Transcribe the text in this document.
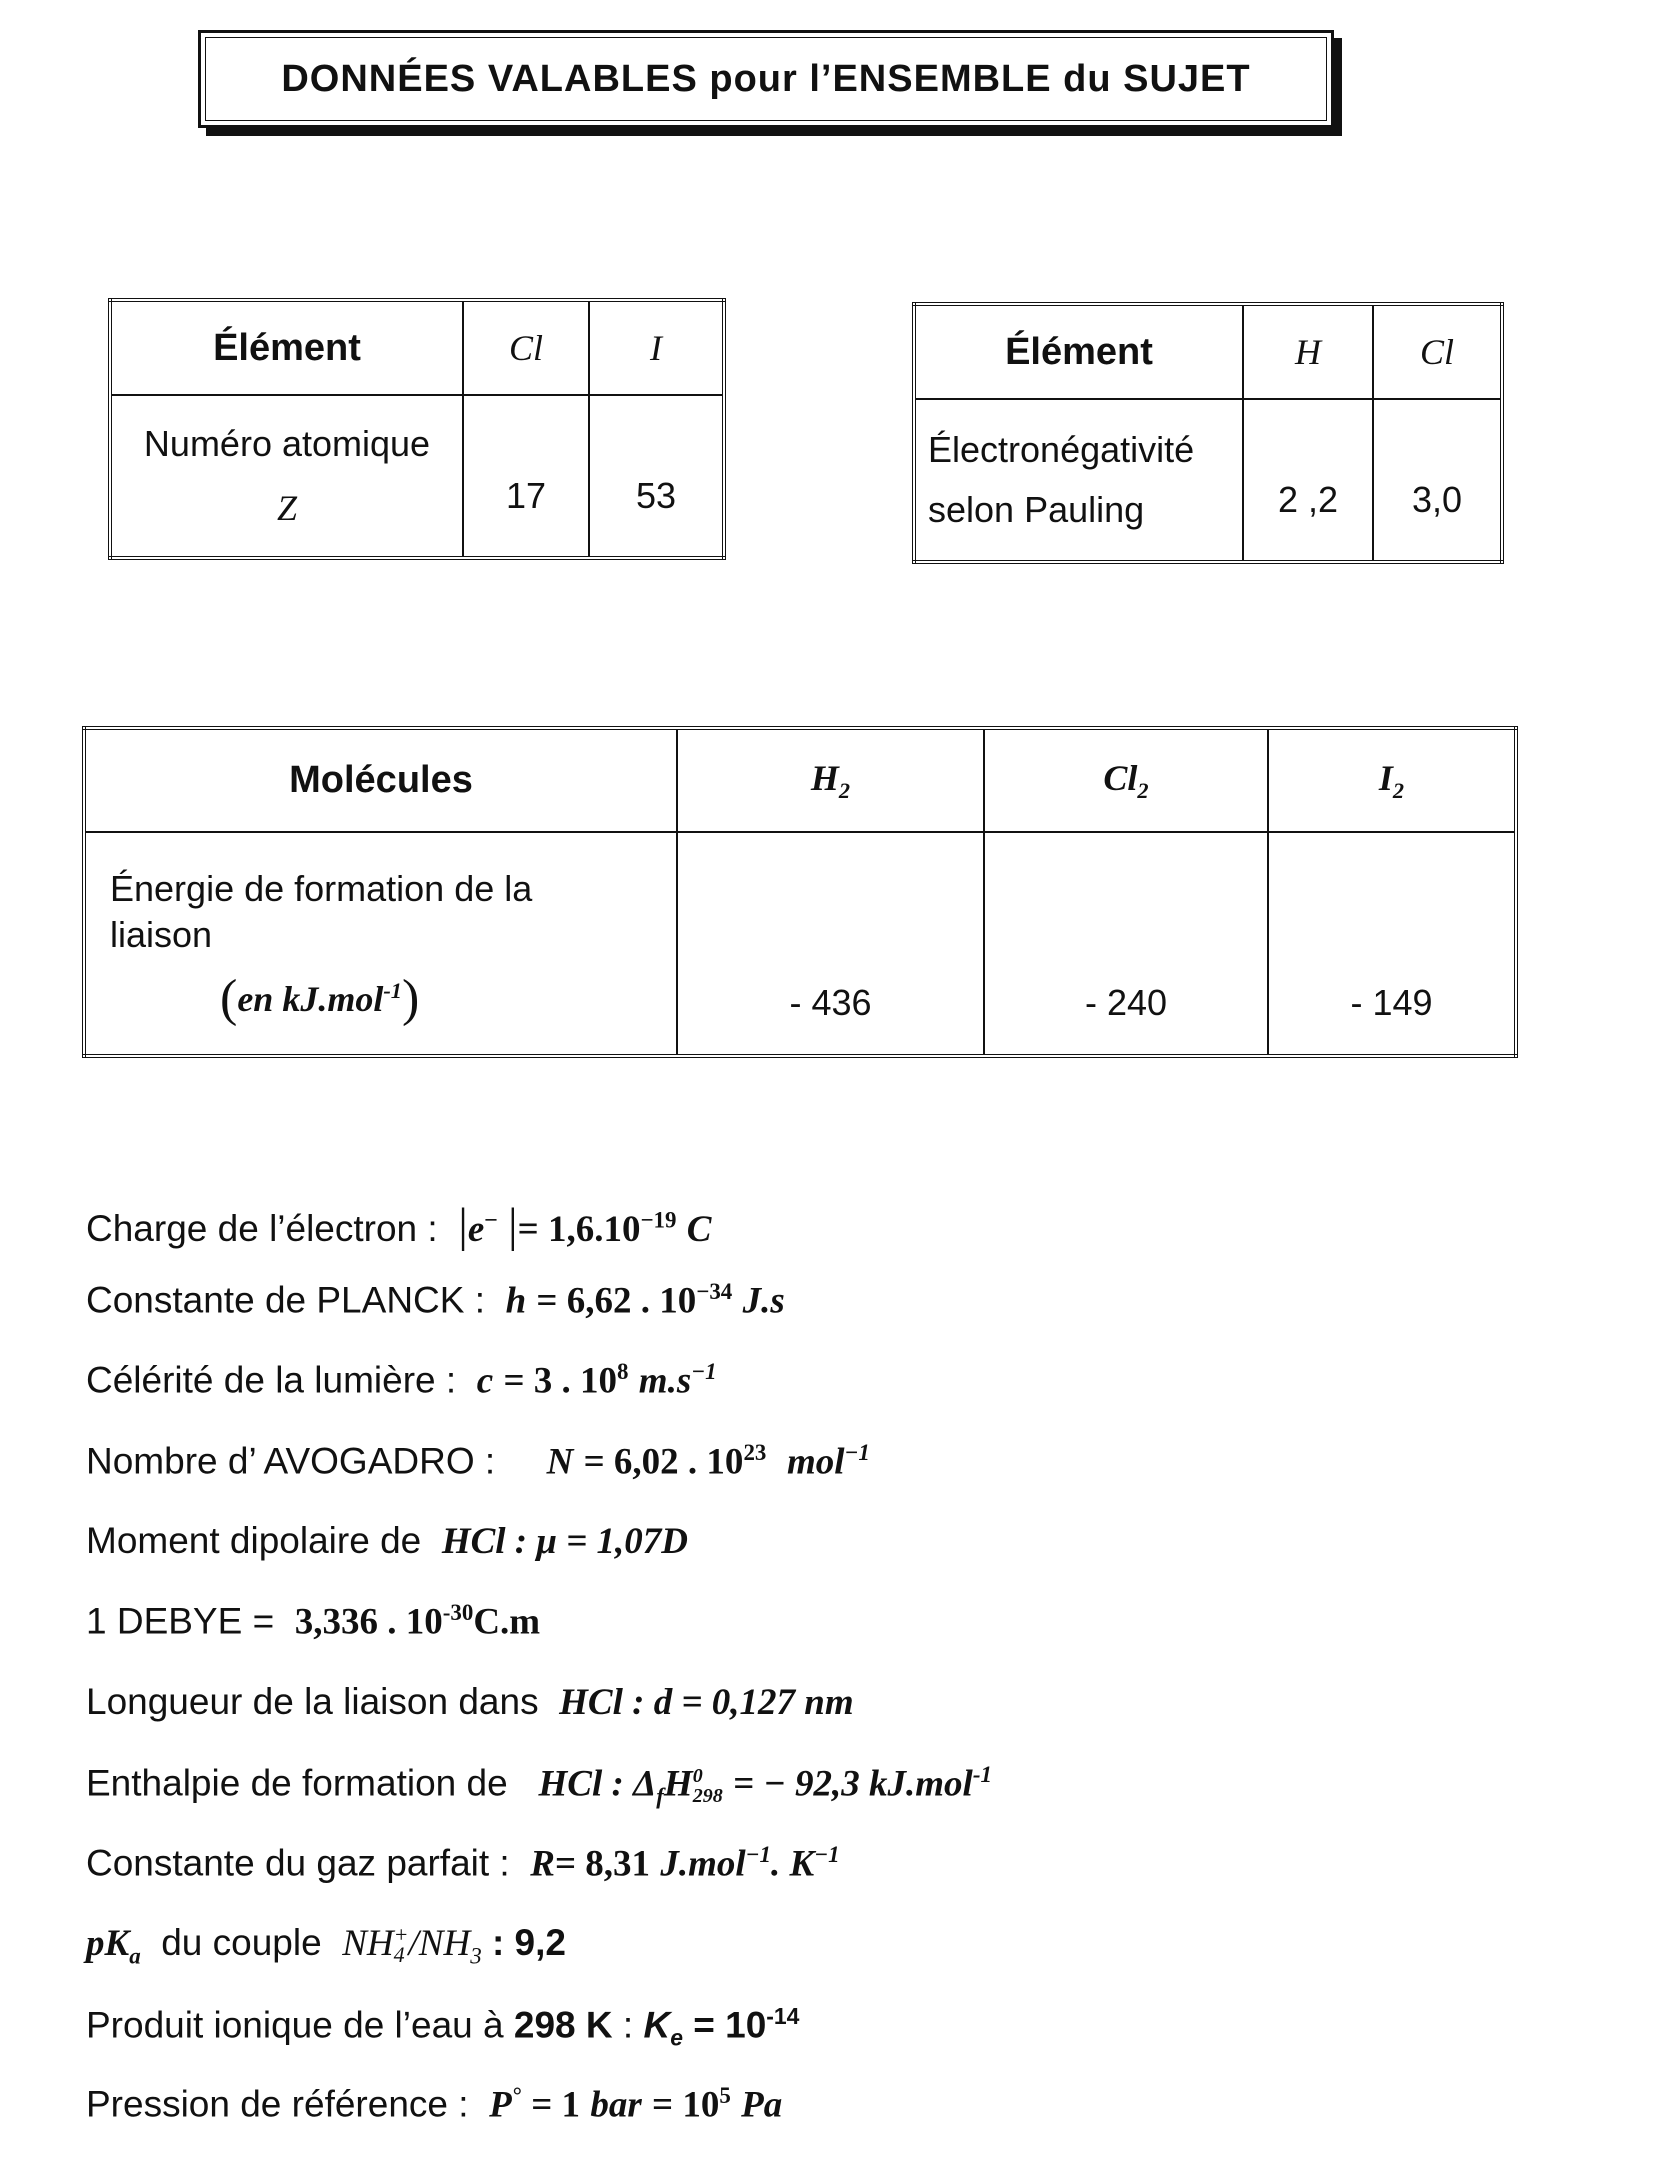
DONNÉES VALABLES pour l’ENSEMBLE du SUJET
Élément	Cl	I

Numéro atomique
Z	17	53
Élément	H	Cl

Électronégativité
selon Pauling	2 ,2	3,0
Molécules	$H_2$	$Cl_2$	$I_2$

Énergie de formation de la
liaison
(en kJ.mol$^{-1}$)	- 436	- 240	- 149
Charge de l’électron : |e− |= $1,6.10^{-19}$ C
Constante de PLANCK : h = 6,62 . $10^{-34}$ J.s
Célérité de la lumière : c = 3 . $10^8$ $m.s^{-1}$
Nombre d’ AVOGADRO : N = 6,02 . $10^{23}$ mol$^{-1}$
Moment dipolaire de HCl : μ = 1,07D
1 DEBYE = 3,336 . $10^{-30}C.m$
Longueur de la liaison dans HCl : d = 0,127 nm
Enthalpie de formation de HCl : $\Delta_fH$ 0
298 = − 92,3 kJ.mol$^{-1}$
Constante du gaz parfait : R= 8,31 J.mol$^{-1}$. $K^{-1}$
$pK_a$ du couple NH +
4 $/NH_3$ : 9,2
Produit ionique de l’eau à 298 K : $K_e = 10^{-14}$
Pression de référence : P° = 1 bar = $10^5$ Pa
